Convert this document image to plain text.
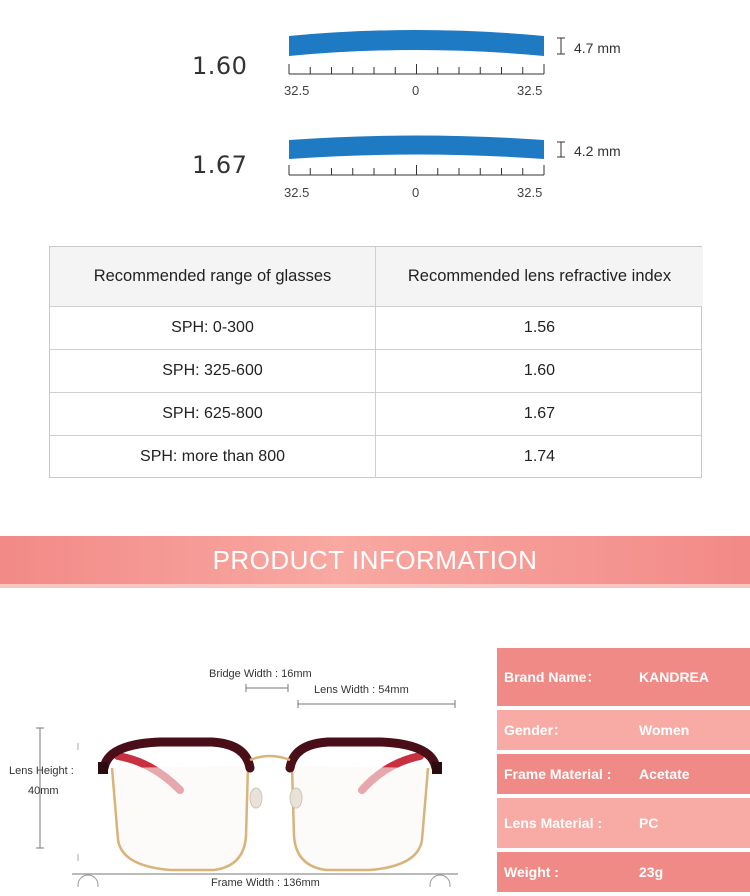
1.60
4.7 mm
32.5	0	32.5
1.67	4.2 mm
32.5	0	32.5
Recommended range of glasses	Recommended lens refractive index
SPH: 0-300	1.56
SPH: 325-600	1.60
SPH: 625-800	1.67
SPH: more than 800	1.74
PRODUCT INFORMATION
Bridge Width : 16mm
Lens Width : 54mm
Lens Height :
40mm
Frame Width : 136mm
Brand Name：	KANDREA
Gender：	Women
Frame Material : Acetate
Lens Material :	PC
Weight :	23g
